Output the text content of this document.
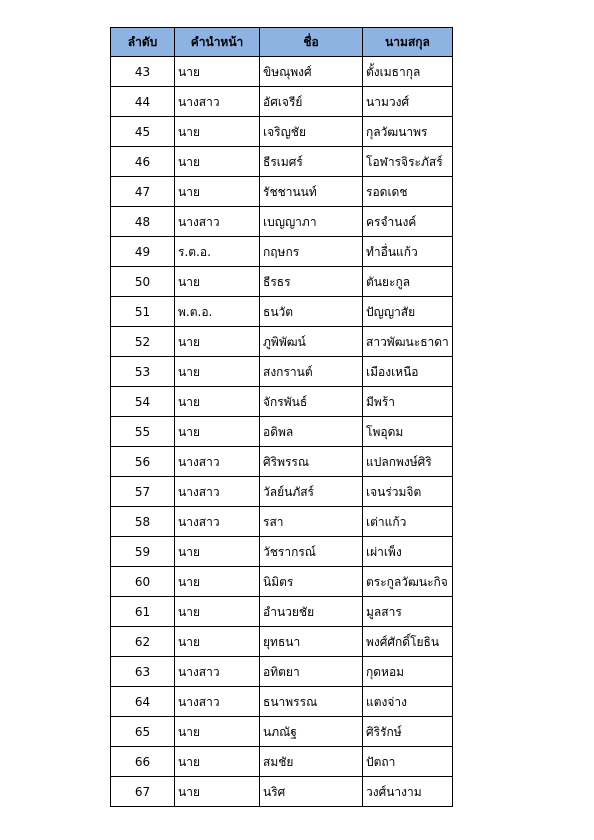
ลำดับ	คำนำหน้า	ชื่อ	นามสกุล
43	นาย	ขิษณุพงศ์	ตั้งเมธากุล
44	นางสาว	อัศเจรีย์	นามวงศ์
45	นาย	เจริญชัย	กุลวัฒนาพร
46	นาย	ธีรเมศร์	โอฬารจิระภัสร์
47	นาย	รัชชานนท์	รอดเดช
48	นางสาว	เบญญาภา	ครจำนงค์
49	ร.ต.อ.	กฤษกร	ทำอื่นแก้ว
50	นาย	ธีรธร	ตันยะกูล
51	พ.ต.อ.	ธนวัต	ปัญญาสัย
52	นาย	ภูพิพัฒน์	สาวพัฒนะธาดา
53	นาย	สงกรานต์	เมืองเหนือ
54	นาย	จักรพันธ์	มีพร้า
55	นาย	อดิพล	โพอุดม
56	นางสาว	ศิริพรรณ	แปลกพงษ์ศิริ
57	นางสาว	วัลย์นภัสร์	เจนร่วมจิต
58	นางสาว	รสา	เต่าแก้ว
59	นาย	วัชรากรณ์	เผ่าเพ็ง
60	นาย	นิมิตร	ตระกูลวัฒนะกิจ
61	นาย	อำนวยชัย	มูลสาร
62	นาย	ยุทธนา	พงศ์ศักดิ์โยธิน
63	นางสาว	อทิตยา	กุดหอม
64	นางสาว	ธนาพรรณ	แตงจ่าง
65	นาย	นภณัฐ	ศิริรักษ์
66	นาย	สมชัย	ปัตถา
67	นาย	นริศ	วงศ์นางาม
